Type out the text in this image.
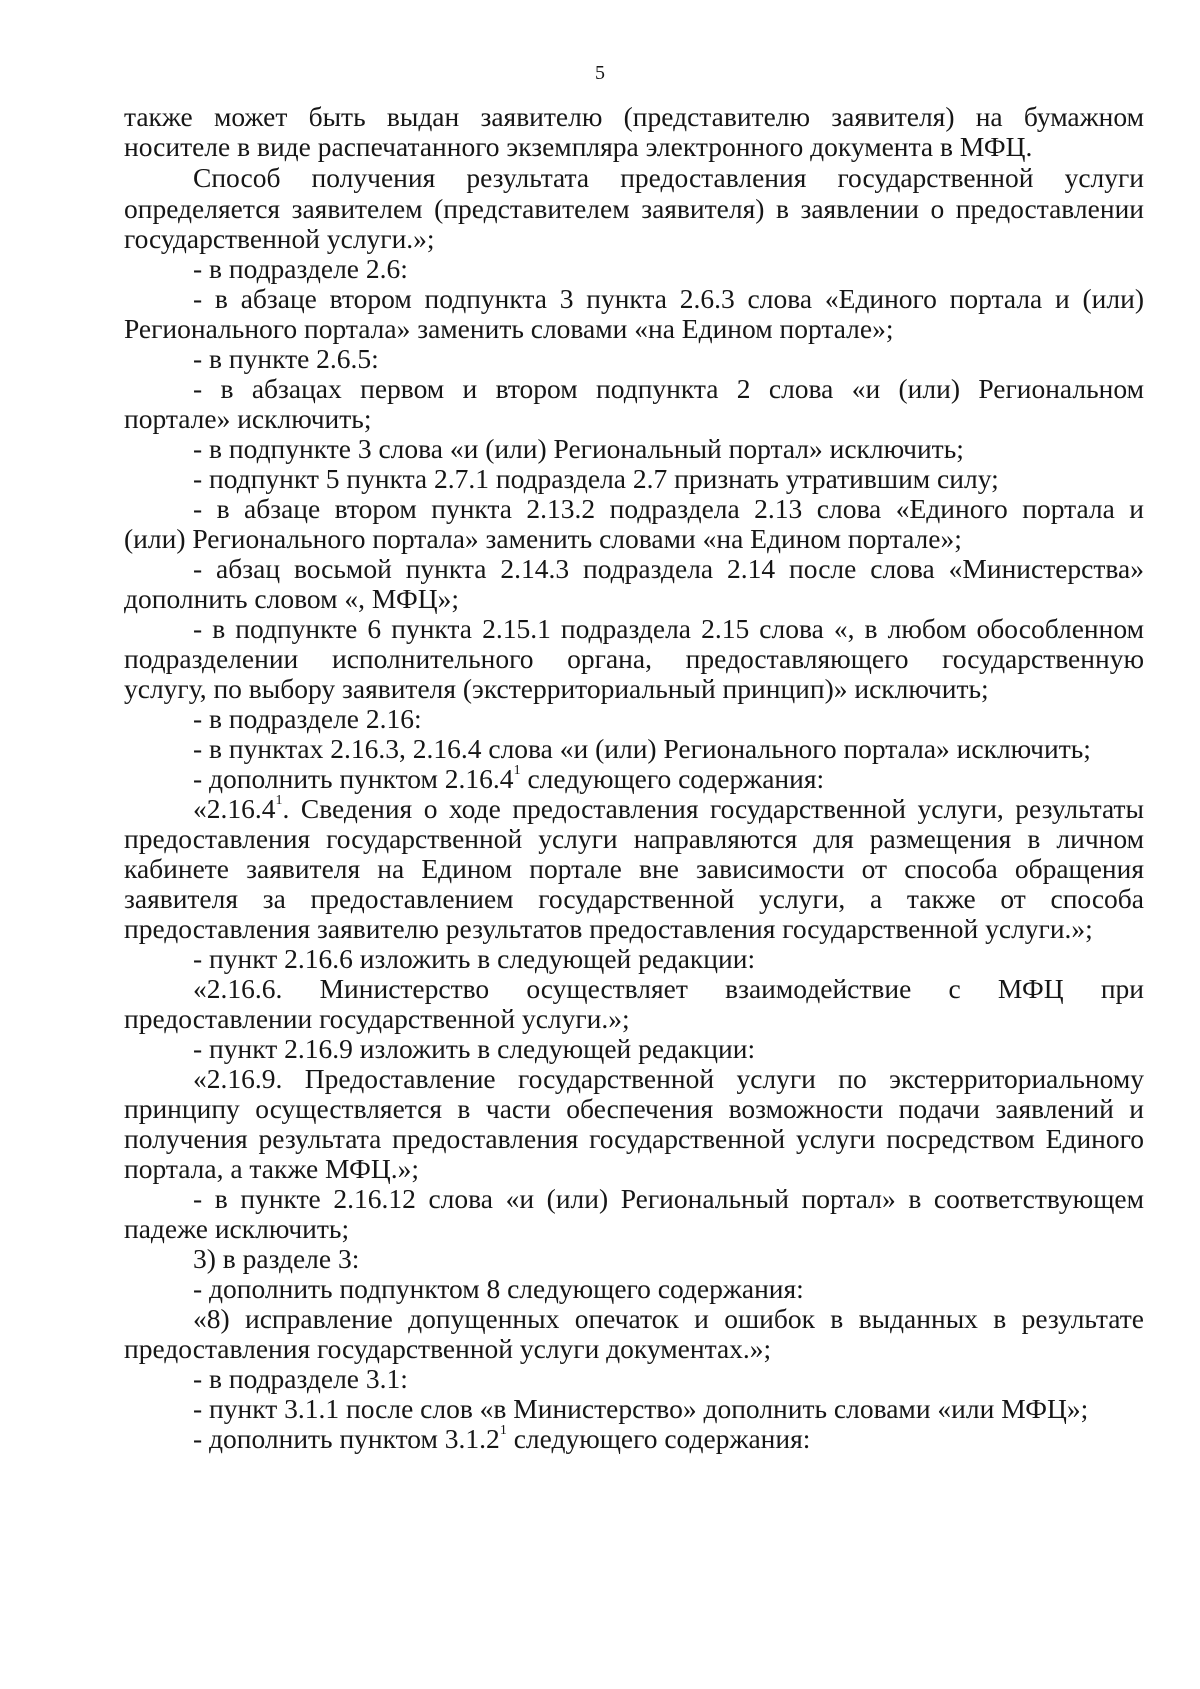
5
также может быть выдан заявителю (представителю заявителя) на бумажном
носителе в виде распечатанного экземпляра электронного документа в МФЦ.
Способ получения результата предоставления государственной услуги
определяется заявителем (представителем заявителя) в заявлении о предоставлении
государственной услуги.»;
- в подразделе 2.6:
- в абзаце втором подпункта 3 пункта 2.6.3 слова «Единого портала и (или)
Регионального портала» заменить словами «на Едином портале»;
- в пункте 2.6.5:
- в абзацах первом и втором подпункта 2 слова «и (или) Региональном
портале» исключить;
- в подпункте 3 слова «и (или) Региональный портал» исключить;
- подпункт 5 пункта 2.7.1 подраздела 2.7 признать утратившим силу;
- в абзаце втором пункта 2.13.2 подраздела 2.13 слова «Единого портала и
(или) Регионального портала» заменить словами «на Едином портале»;
- абзац восьмой пункта 2.14.3 подраздела 2.14 после слова «Министерства»
дополнить словом «, МФЦ»;
- в подпункте 6 пункта 2.15.1 подраздела 2.15 слова «, в любом обособленном
подразделении исполнительного органа, предоставляющего государственную
услугу, по выбору заявителя (экстерриториальный принцип)» исключить;
- в подразделе 2.16:
- в пунктах 2.16.3, 2.16.4 слова «и (или) Регионального портала» исключить;
- дополнить пунктом 2.16.4$^1$ следующего содержания:
«2.16.4$^1$. Сведения о ходе предоставления государственной услуги, результаты
предоставления государственной услуги направляются для размещения в личном
кабинете заявителя на Едином портале вне зависимости от способа обращения
заявителя за предоставлением государственной услуги, а также от способа
предоставления заявителю результатов предоставления государственной услуги.»;
- пункт 2.16.6 изложить в следующей редакции:
«2.16.6. Министерство осуществляет взаимодействие с МФЦ при
предоставлении государственной услуги.»;
- пункт 2.16.9 изложить в следующей редакции:
«2.16.9. Предоставление государственной услуги по экстерриториальному
принципу осуществляется в части обеспечения возможности подачи заявлений и
получения результата предоставления государственной услуги посредством Единого
портала, а также МФЦ.»;
- в пункте 2.16.12 слова «и (или) Региональный портал» в соответствующем
падеже исключить;
3) в разделе 3:
- дополнить подпунктом 8 следующего содержания:
«8) исправление допущенных опечаток и ошибок в выданных в результате
предоставления государственной услуги документах.»;
- в подразделе 3.1:
- пункт 3.1.1 после слов «в Министерство» дополнить словами «или МФЦ»;
- дополнить пунктом 3.1.2$^1$ следующего содержания:
